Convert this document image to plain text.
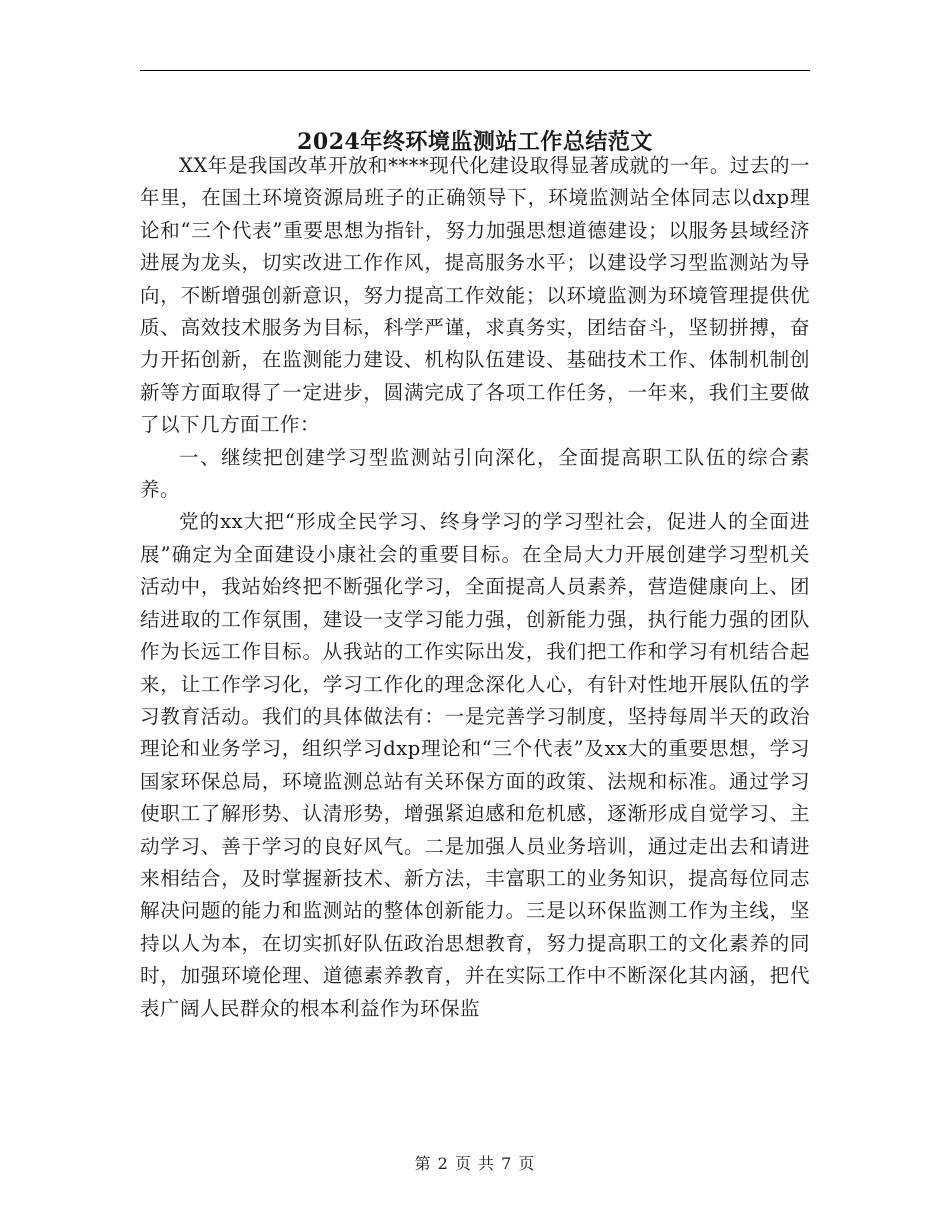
2024年终环境监测站工作总结范文

XX年是我国改革开放和****现代化建设取得显著成就的一年。过去的一年里，在国土环境资源局班子的正确领导下，环境监测站全体同志以dxp理论和“三个代表”重要思想为指针，努力加强思想道德建设；以服务县域经济进展为龙头，切实改进工作作风，提高服务水平；以建设学习型监测站为导向，不断增强创新意识，努力提高工作效能；以环境监测为环境管理提供优质、高效技术服务为目标，科学严谨，求真务实，团结奋斗，坚韧拼搏，奋力开拓创新，在监测能力建设、机构队伍建设、基础技术工作、体制机制创新等方面取得了一定进步，圆满完成了各项工作任务，一年来，我们主要做了以下几方面工作：

一、继续把创建学习型监测站引向深化，全面提高职工队伍的综合素养。

党的xx大把“形成全民学习、终身学习的学习型社会，促进人的全面进展”确定为全面建设小康社会的重要目标。在全局大力开展创建学习型机关活动中，我站始终把不断强化学习，全面提高人员素养，营造健康向上、团结进取的工作氛围，建设一支学习能力强，创新能力强，执行能力强的团队作为长远工作目标。从我站的工作实际出发，我们把工作和学习有机结合起来，让工作学习化，学习工作化的理念深化人心，有针对性地开展队伍的学习教育活动。我们的具体做法有：一是完善学习制度，坚持每周半天的政治理论和业务学习，组织学习dxp理论和“三个代表”及xx大的重要思想，学习国家环保总局，环境监测总站有关环保方面的政策、法规和标准。通过学习使职工了解形势、认清形势，增强紧迫感和危机感，逐渐形成自觉学习、主动学习、善于学习的良好风气。二是加强人员业务培训，通过走出去和请进来相结合，及时掌握新技术、新方法，丰富职工的业务知识，提高每位同志解决问题的能力和监测站的整体创新能力。三是以环保监测工作为主线，坚持以人为本，在切实抓好队伍政治思想教育，努力提高职工的文化素养的同时，加强环境伦理、道德素养教育，并在实际工作中不断深化其内涵，把代表广阔人民群众的根本利益作为环保监

第 2 页 共 7 页
